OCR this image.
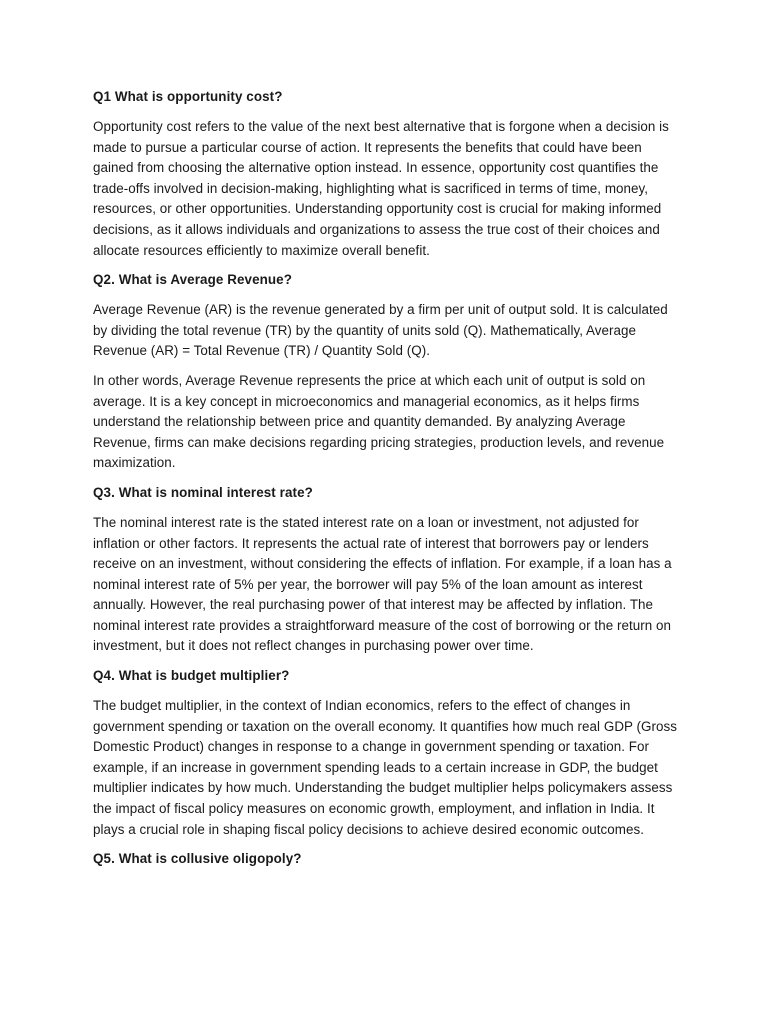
Q1 What is opportunity cost?

Opportunity cost refers to the value of the next best alternative that is forgone when a decision is made to pursue a particular course of action. It represents the benefits that could have been gained from choosing the alternative option instead. In essence, opportunity cost quantifies the trade-offs involved in decision-making, highlighting what is sacrificed in terms of time, money, resources, or other opportunities. Understanding opportunity cost is crucial for making informed decisions, as it allows individuals and organizations to assess the true cost of their choices and allocate resources efficiently to maximize overall benefit.

Q2. What is Average Revenue?

Average Revenue (AR) is the revenue generated by a firm per unit of output sold. It is calculated by dividing the total revenue (TR) by the quantity of units sold (Q). Mathematically, Average Revenue (AR) = Total Revenue (TR) / Quantity Sold (Q).

In other words, Average Revenue represents the price at which each unit of output is sold on average. It is a key concept in microeconomics and managerial economics, as it helps firms understand the relationship between price and quantity demanded. By analyzing Average Revenue, firms can make decisions regarding pricing strategies, production levels, and revenue maximization.

Q3. What is nominal interest rate?

The nominal interest rate is the stated interest rate on a loan or investment, not adjusted for inflation or other factors. It represents the actual rate of interest that borrowers pay or lenders receive on an investment, without considering the effects of inflation. For example, if a loan has a nominal interest rate of 5% per year, the borrower will pay 5% of the loan amount as interest annually. However, the real purchasing power of that interest may be affected by inflation. The nominal interest rate provides a straightforward measure of the cost of borrowing or the return on investment, but it does not reflect changes in purchasing power over time.

Q4. What is budget multiplier?

The budget multiplier, in the context of Indian economics, refers to the effect of changes in government spending or taxation on the overall economy. It quantifies how much real GDP (Gross Domestic Product) changes in response to a change in government spending or taxation. For example, if an increase in government spending leads to a certain increase in GDP, the budget multiplier indicates by how much. Understanding the budget multiplier helps policymakers assess the impact of fiscal policy measures on economic growth, employment, and inflation in India. It plays a crucial role in shaping fiscal policy decisions to achieve desired economic outcomes.

Q5. What is collusive oligopoly?
